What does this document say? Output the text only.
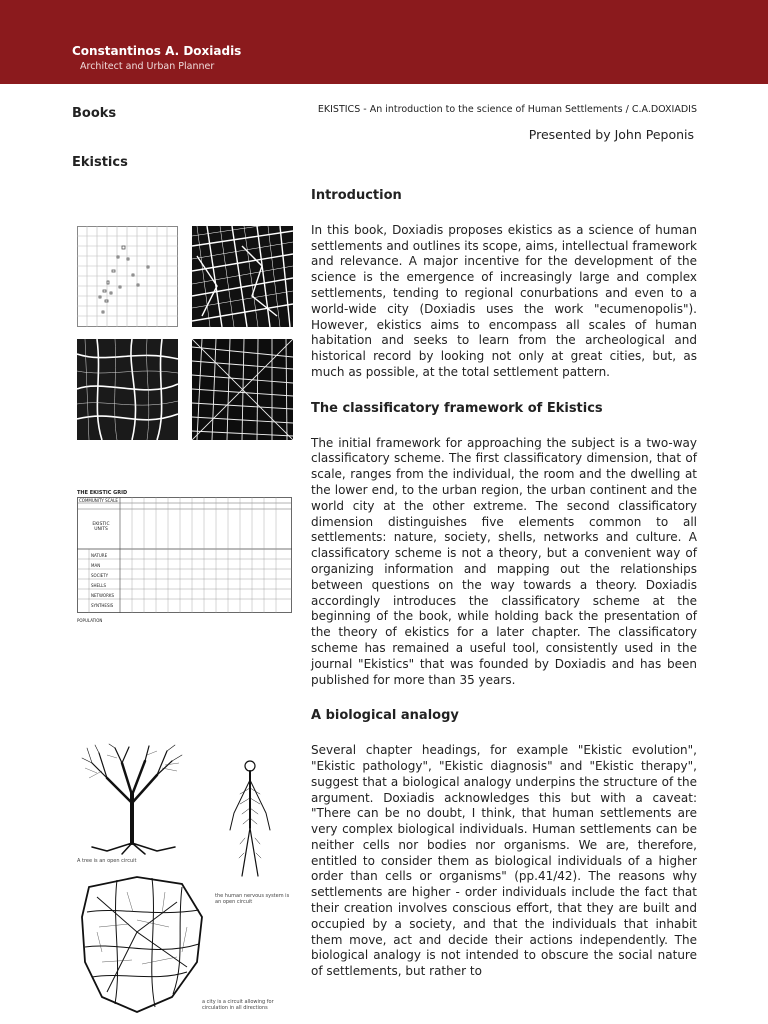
Constantinos A. Doxiadis
Architect and Urban Planner
Books
Ekistics
EKISTICS - An introduction to the science of Human Settlements / C.A.DOXIADIS
Presented by John Peponis
THE EKISTIC GRID
COMMUNITY SCALE
EKISTIC UNITS
NATURE
MAN
SOCIETY
SHELLS
NETWORKS
SYNTHESIS
POPULATION
A tree is an open circuit
the human nervous system is an open circuit
a city is a circuit allowing for circulation in all directions
Introduction

In this book, Doxiadis proposes ekistics as a science of human settlements and outlines its scope, aims, intellectual framework and relevance. A major incentive for the development of the science is the emergence of increasingly large and complex settlements, tending to regional conurbations and even to a world-wide city (Doxiadis uses the work "ecumenopolis"). However, ekistics aims to encompass all scales of human habitation and seeks to learn from the archeological and historical record by looking not only at great cities, but, as much as possible, at the total settlement pattern.

The classificatory framework of Ekistics

The initial framework for approaching the subject is a two-way classificatory scheme. The first classificatory dimension, that of scale, ranges from the individual, the room and the dwelling at the lower end, to the urban region, the urban continent and the world city at the other extreme. The second classificatory dimension distinguishes five elements common to all settlements: nature, society, shells, networks and culture. A classificatory scheme is not a theory, but a convenient way of organizing information and mapping out the relationships between questions on the way towards a theory. Doxiadis accordingly introduces the classificatory scheme at the beginning of the book, while holding back the presentation of the theory of ekistics for a later chapter. The classificatory scheme has remained a useful tool, consistently used in the journal "Ekistics" that was founded by Doxiadis and has been published for more than 35 years.

A biological analogy

Several chapter headings, for example "Ekistic evolution", "Ekistic pathology", "Ekistic diagnosis" and "Ekistic therapy", suggest that a biological analogy underpins the structure of the argument. Doxiadis acknowledges this but with a caveat: "There can be no doubt, I think, that human settlements are very complex biological individuals. Human settlements can be neither cells nor bodies nor organisms. We are, therefore, entitled to consider them as biological individuals of a higher order than cells or organisms" (pp.41/42). The reasons why settlements are higher - order individuals include the fact that their creation involves conscious effort, that they are built and occupied by a society, and that the individuals that inhabit them move, act and decide their actions independently. The biological analogy is not intended to obscure the social nature of settlements, but rather to
